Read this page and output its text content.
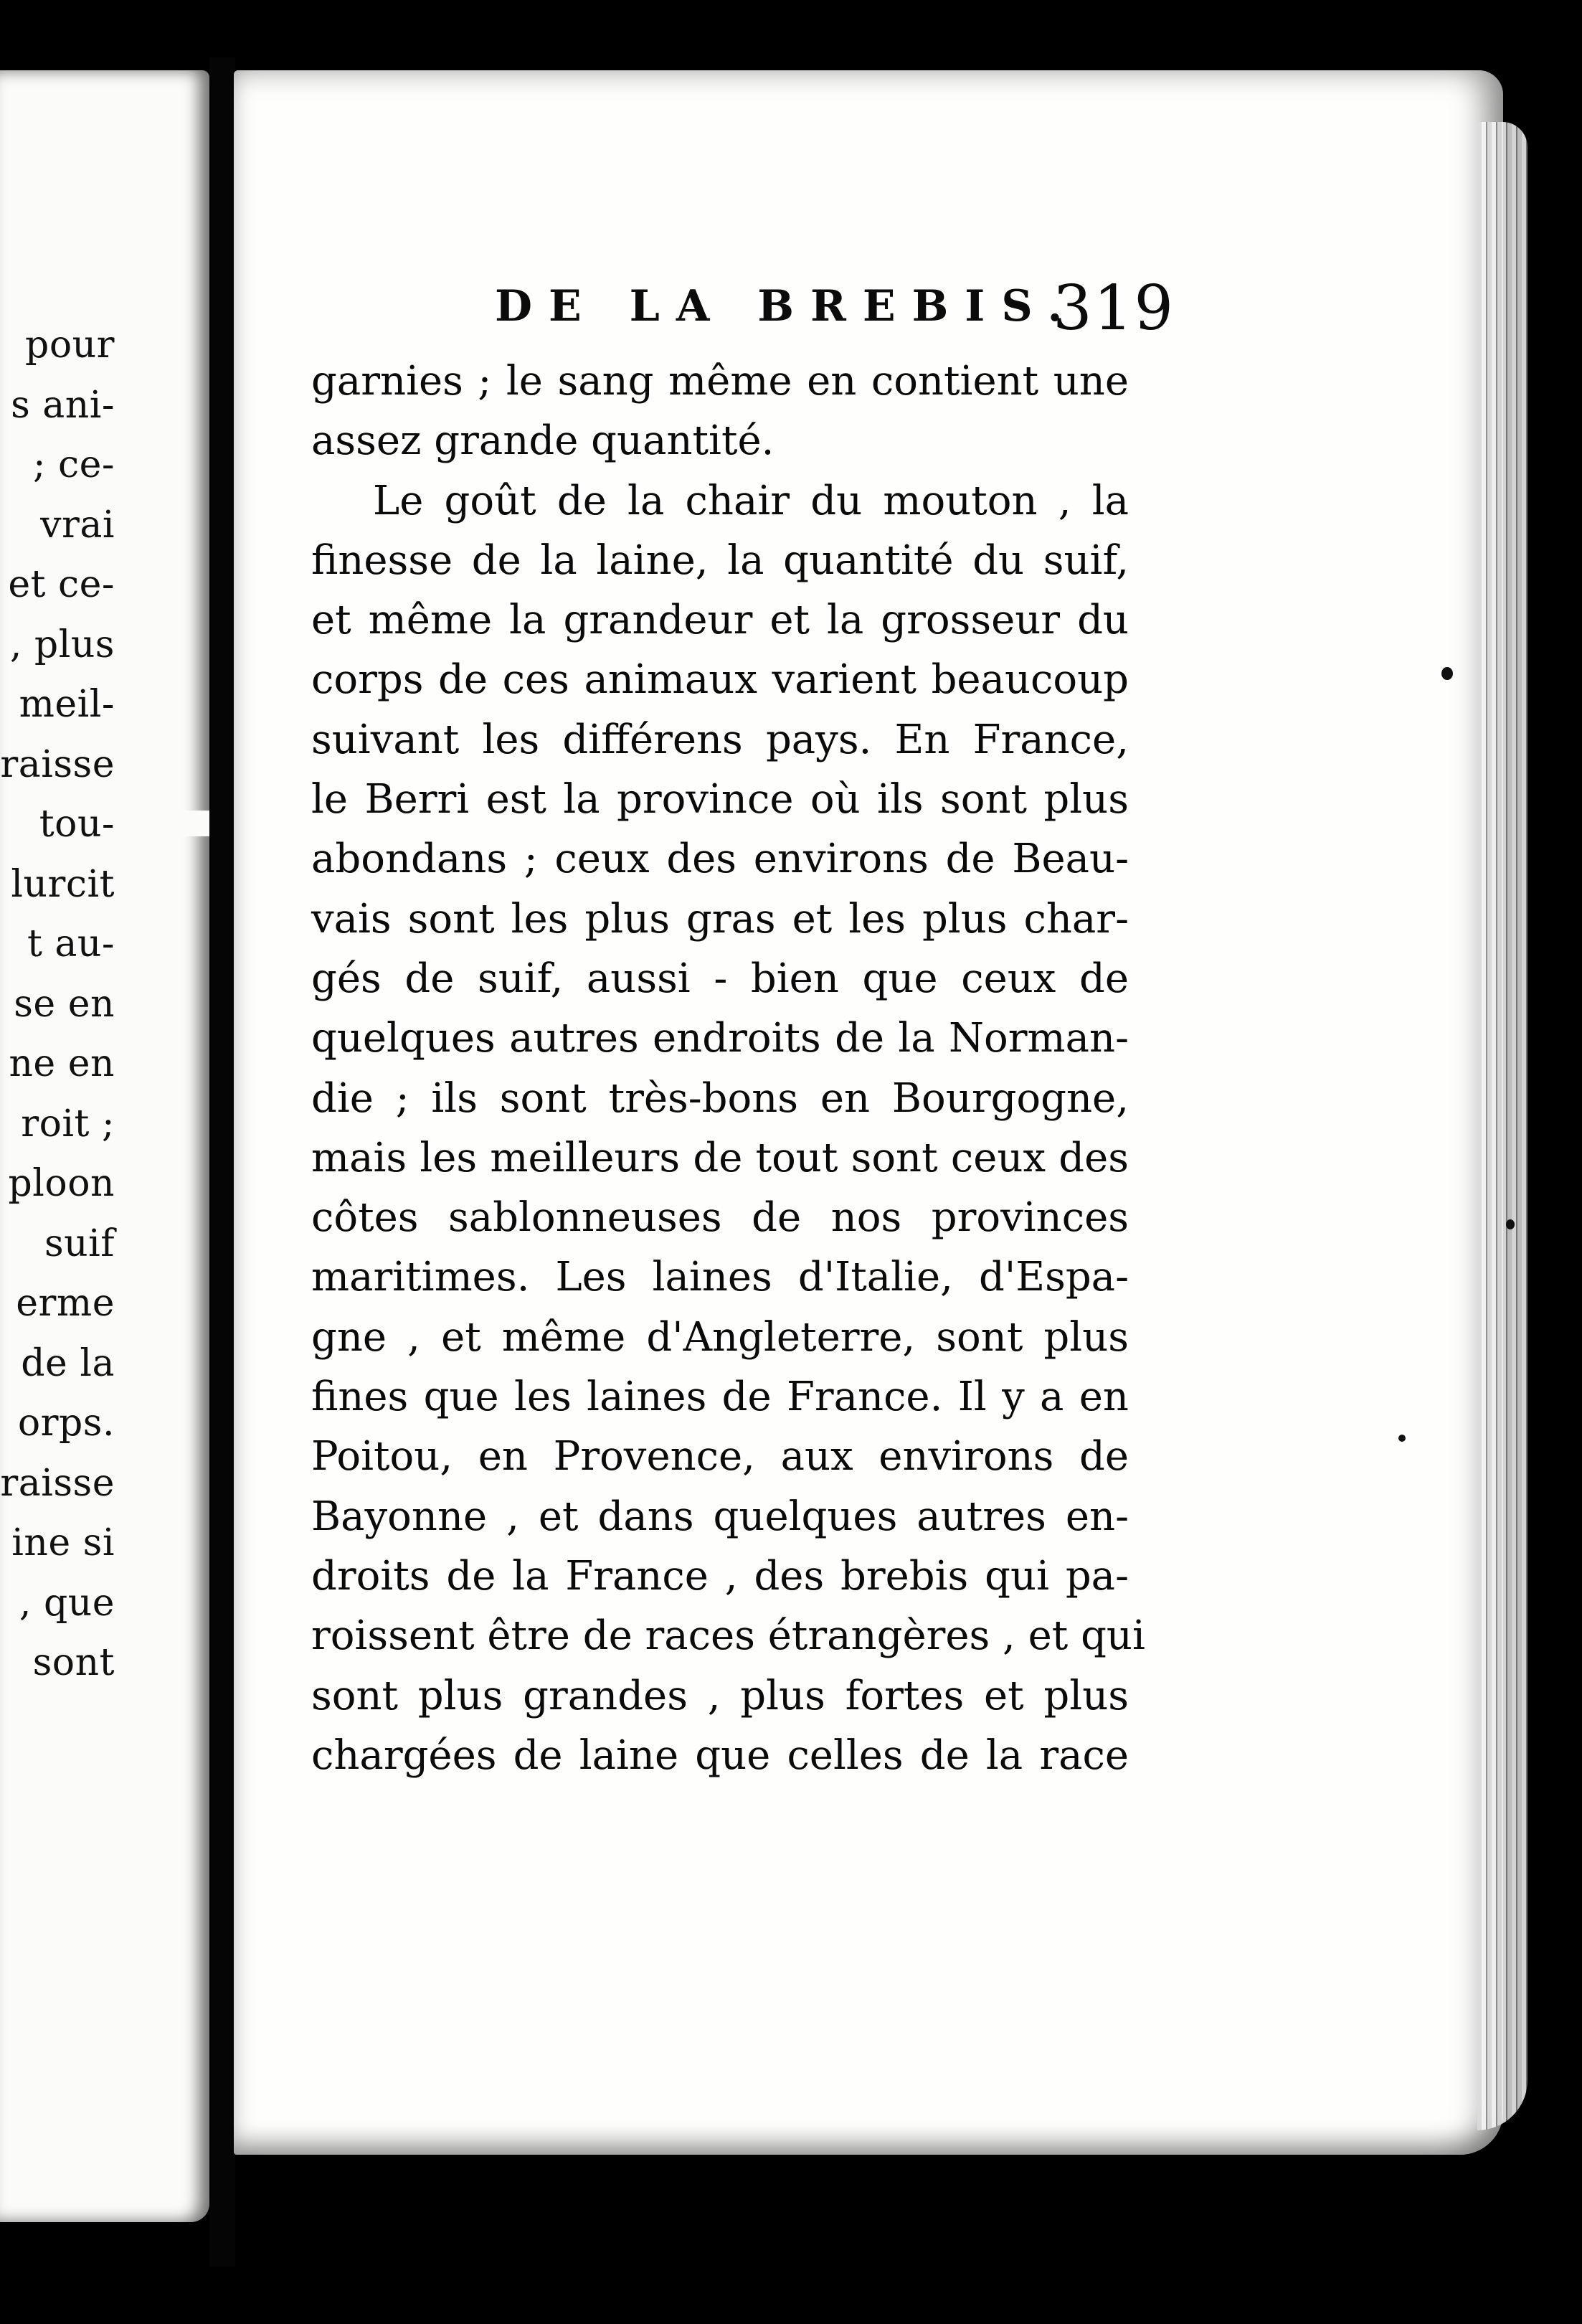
pour
s ani-
; ce-
vrai
et ce-
, plus
meil-
raisse
tou-
lurcit
t au-
se en
ne en
roit ;
ploon
suif
erme
de la
orps.
raisse
ine si
, que
sont
DE LA BREBIS.
319
garnies ; le sang même en contient une
assez grande quantité.
Le goût de la chair du mouton , la
finesse de la laine, la quantité du suif,
et même la grandeur et la grosseur du
corps de ces animaux varient beaucoup
suivant les différens pays. En France,
le Berri est la province où ils sont plus
abondans ; ceux des environs de Beau-
vais sont les plus gras et les plus char-
gés de suif, aussi - bien que ceux de
quelques autres endroits de la Norman-
die ; ils sont très-bons en Bourgogne,
mais les meilleurs de tout sont ceux des
côtes sablonneuses de nos provinces
maritimes. Les laines d'Italie, d'Espa-
gne , et même d'Angleterre, sont plus
fines que les laines de France. Il y a en
Poitou, en Provence, aux environs de
Bayonne , et dans quelques autres en-
droits de la France , des brebis qui pa-
roissent être de races étrangères , et qui
sont plus grandes , plus fortes et plus
chargées de laine que celles de la race
